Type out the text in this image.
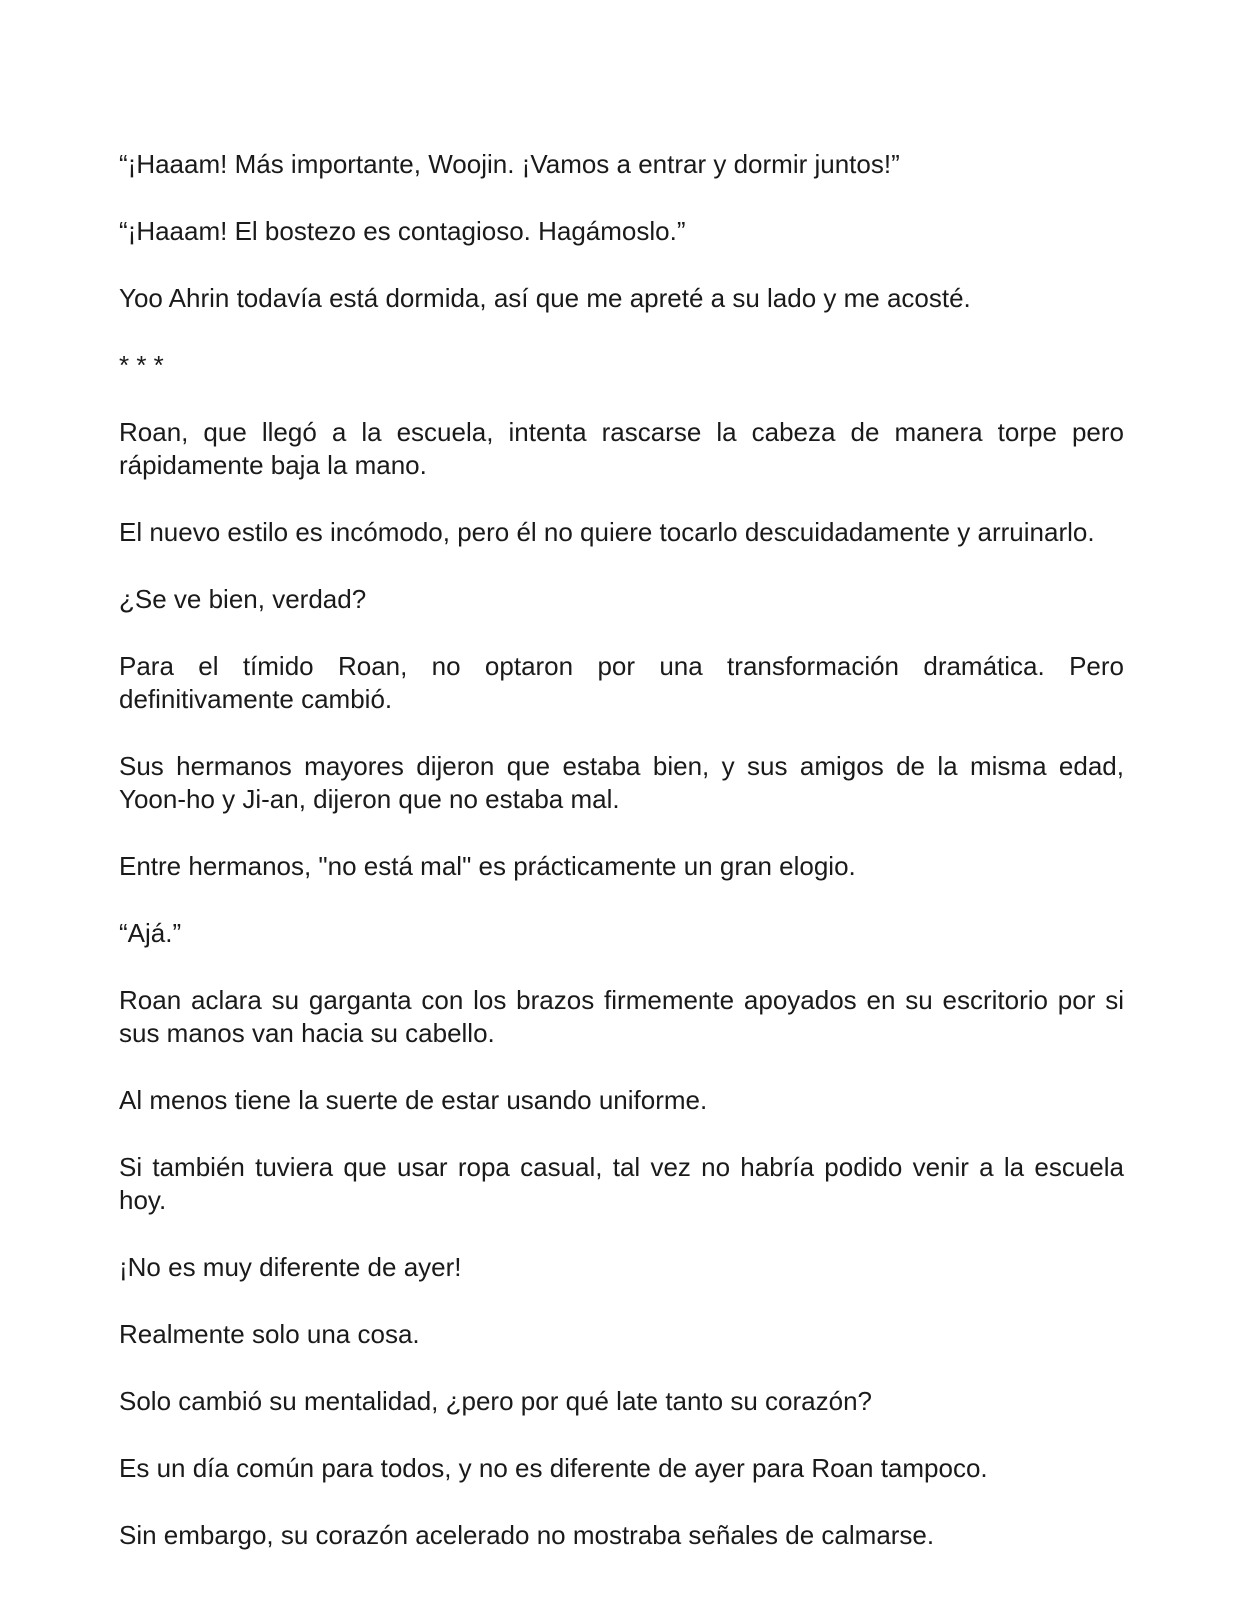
“¡Haaam! Más importante, Woojin. ¡Vamos a entrar y dormir juntos!”

“¡Haaam! El bostezo es contagioso. Hagámoslo.”

Yoo Ahrin todavía está dormida, así que me apreté a su lado y me acosté.

* * *

Roan, que llegó a la escuela, intenta rascarse la cabeza de manera torpe pero rápidamente baja la mano.

El nuevo estilo es incómodo, pero él no quiere tocarlo descuidadamente y arruinarlo.

¿Se ve bien, verdad?

Para el tímido Roan, no optaron por una transformación dramática. Pero definitivamente cambió.

Sus hermanos mayores dijeron que estaba bien, y sus amigos de la misma edad, Yoon-ho y Ji-an, dijeron que no estaba mal.

Entre hermanos, "no está mal" es prácticamente un gran elogio.

“Ajá.”

Roan aclara su garganta con los brazos firmemente apoyados en su escritorio por si sus manos van hacia su cabello.

Al menos tiene la suerte de estar usando uniforme.

Si también tuviera que usar ropa casual, tal vez no habría podido venir a la escuela hoy.

¡No es muy diferente de ayer!

Realmente solo una cosa.

Solo cambió su mentalidad, ¿pero por qué late tanto su corazón?

Es un día común para todos, y no es diferente de ayer para Roan tampoco.

Sin embargo, su corazón acelerado no mostraba señales de calmarse.
